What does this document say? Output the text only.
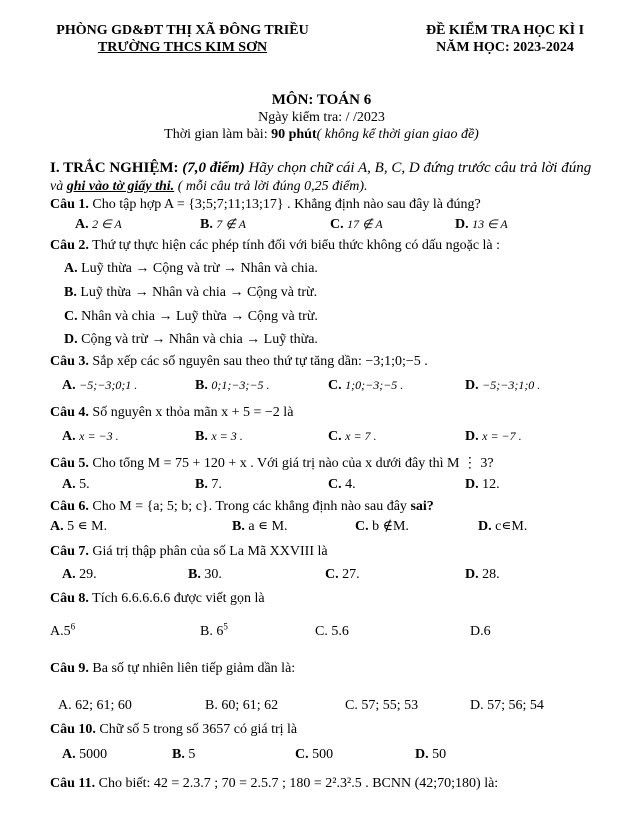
PHÒNG GD&ĐT THỊ XÃ ĐÔNG TRIỀU
TRƯỜNG THCS KIM SƠN
ĐỀ KIỂM TRA HỌC KÌ I
NĂM HỌC: 2023-2024
MÔN: TOÁN 6
Ngày kiểm tra: / /2023
Thời gian làm bài: 90 phút( không kể thời gian giao đề)
I. TRẮC NGHIỆM: (7,0 điểm) Hãy chọn chữ cái A, B, C, D đứng trước câu trả lời đúng
và ghi vào tờ giấy thi. ( mỗi câu trả lời đúng 0,25 điểm).
Câu 1. Cho tập hợp A = {3;5;7;11;13;17} . Khẳng định nào sau đây là đúng?
A. 2 ∈ A	B. 7 ∉ A	C. 17 ∉ A	D. 13 ∈ A
Câu 2. Thứ tự thực hiện các phép tính đối với biểu thức không có dấu ngoặc là :
A. Luỹ thừa → Cộng và trừ → Nhân và chia.
B. Luỹ thừa → Nhân và chia → Cộng và trừ.
C. Nhân và chia → Luỹ thừa → Cộng và trừ.
D. Cộng và trừ → Nhân và chia → Luỹ thừa.
Câu 3. Sắp xếp các số nguyên sau theo thứ tự tăng dần: −3;1;0;−5 .
A. −5;−3;0;1 .	B. 0;1;−3;−5 .	C. 1;0;−3;−5 .	D. −5;−3;1;0 .
Câu 4. Số nguyên x thỏa mãn x + 5 = −2 là
A. x = −3 .	B. x = 3 .	C. x = 7 .	D. x = −7 .
Câu 5. Cho tổng M = 75 + 120 + x . Với giá trị nào của x dưới đây thì M ⋮ 3?
A. 5.	B. 7.	C. 4.	D. 12.
Câu 6. Cho M = {a; 5; b; c}. Trong các khẳng định nào sau đây sai?
A. 5 ∊ M.	B. a ∊ M.	C. b ∉M.	D. c∊M.
Câu 7. Giá trị thập phân của số La Mã XXVIII là
A. 29.	B. 30.	C. 27.	D. 28.
Câu 8. Tích 6.6.6.6.6 được viết gọn là
$A.5^6$	B. $6^5$	C. 5.6	D.6
Câu 9. Ba số tự nhiên liên tiếp giảm dần là:
A. 62; 61; 60	B. 60; 61; 62	C. 57; 55; 53	D. 57; 56; 54
Câu 10. Chữ số 5 trong số 3657 có giá trị là
A. 5000	B. 5	C. 500	D. 50
Câu 11. Cho biết: 42 = 2.3.7 ; 70 = 2.5.7 ; 180 = 2².3².5 . BCNN (42;70;180) là:
